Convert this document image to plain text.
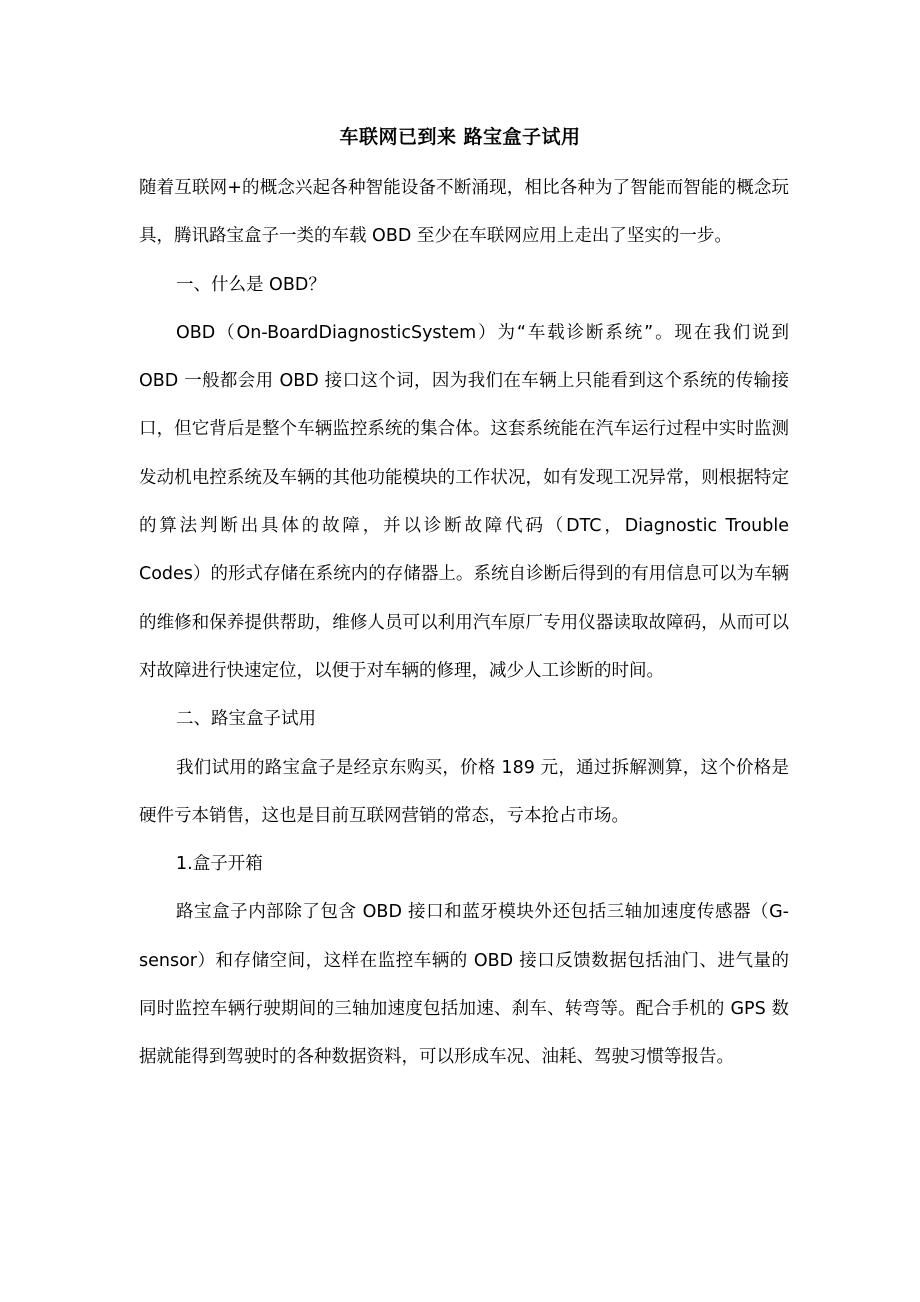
车联网已到来 路宝盒子试用

随着互联网+的概念兴起各种智能设备不断涌现，相比各种为了智能而智能的概念玩具，腾讯路宝盒子一类的车载 OBD 至少在车联网应用上走出了坚实的一步。

一、什么是 OBD？

OBD（On-BoardDiagnosticSystem）为“车载诊断系统”。现在我们说到 OBD 一般都会用 OBD 接口这个词，因为我们在车辆上只能看到这个系统的传输接口，但它背后是整个车辆监控系统的集合体。这套系统能在汽车运行过程中实时监测发动机电控系统及车辆的其他功能模块的工作状况，如有发现工况异常，则根据特定的算法判断出具体的故障，并以诊断故障代码（DTC，Diagnostic Trouble Codes）的形式存储在系统内的存储器上。系统自诊断后得到的有用信息可以为车辆的维修和保养提供帮助，维修人员可以利用汽车原厂专用仪器读取故障码，从而可以对故障进行快速定位，以便于对车辆的修理，减少人工诊断的时间。

二、路宝盒子试用

我们试用的路宝盒子是经京东购买，价格 189 元，通过拆解测算，这个价格是硬件亏本销售，这也是目前互联网营销的常态，亏本抢占市场。

1.盒子开箱

路宝盒子内部除了包含 OBD 接口和蓝牙模块外还包括三轴加速度传感器（G-sensor）和存储空间，这样在监控车辆的 OBD 接口反馈数据包括油门、进气量的同时监控车辆行驶期间的三轴加速度包括加速、刹车、转弯等。配合手机的 GPS 数据就能得到驾驶时的各种数据资料，可以形成车况、油耗、驾驶习惯等报告。
